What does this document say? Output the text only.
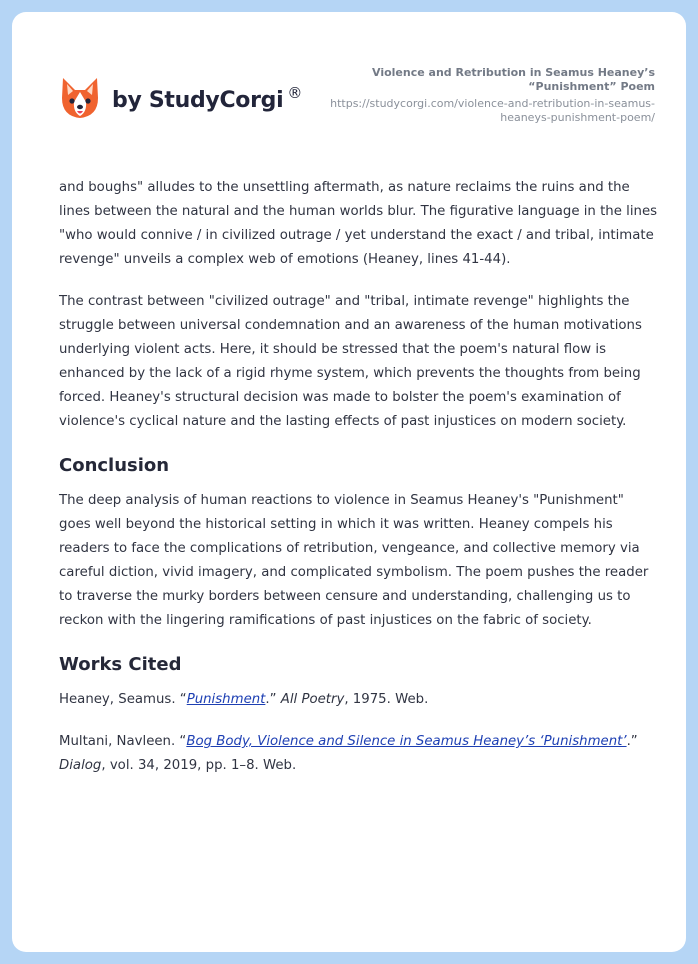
by StudyCorgi ®
Violence and Retribution in Seamus Heaney’s
“Punishment” Poem
https://studycorgi.com/violence-and-retribution-in-seamus-
heaneys-punishment-poem/

and boughs" alludes to the unsettling aftermath, as nature reclaims the ruins and the lines between the natural and the human worlds blur. The figurative language in the lines "who would connive / in civilized outrage / yet understand the exact / and tribal, intimate revenge" unveils a complex web of emotions (Heaney, lines 41-44).

The contrast between "civilized outrage" and "tribal, intimate revenge" highlights the struggle between universal condemnation and an awareness of the human motivations underlying violent acts. Here, it should be stressed that the poem's natural flow is enhanced by the lack of a rigid rhyme system, which prevents the thoughts from being forced. Heaney's structural decision was made to bolster the poem's examination of violence's cyclical nature and the lasting effects of past injustices on modern society.

Conclusion

The deep analysis of human reactions to violence in Seamus Heaney's "Punishment" goes well beyond the historical setting in which it was written. Heaney compels his readers to face the complications of retribution, vengeance, and collective memory via careful diction, vivid imagery, and complicated symbolism. The poem pushes the reader to traverse the murky borders between censure and understanding, challenging us to reckon with the lingering ramifications of past injustices on the fabric of society.

Works Cited

Heaney, Seamus. “Punishment.” All Poetry, 1975. Web.

Multani, Navleen. “Bog Body, Violence and Silence in Seamus Heaney’s ‘Punishment’.” Dialog, vol. 34, 2019, pp. 1–8. Web.
